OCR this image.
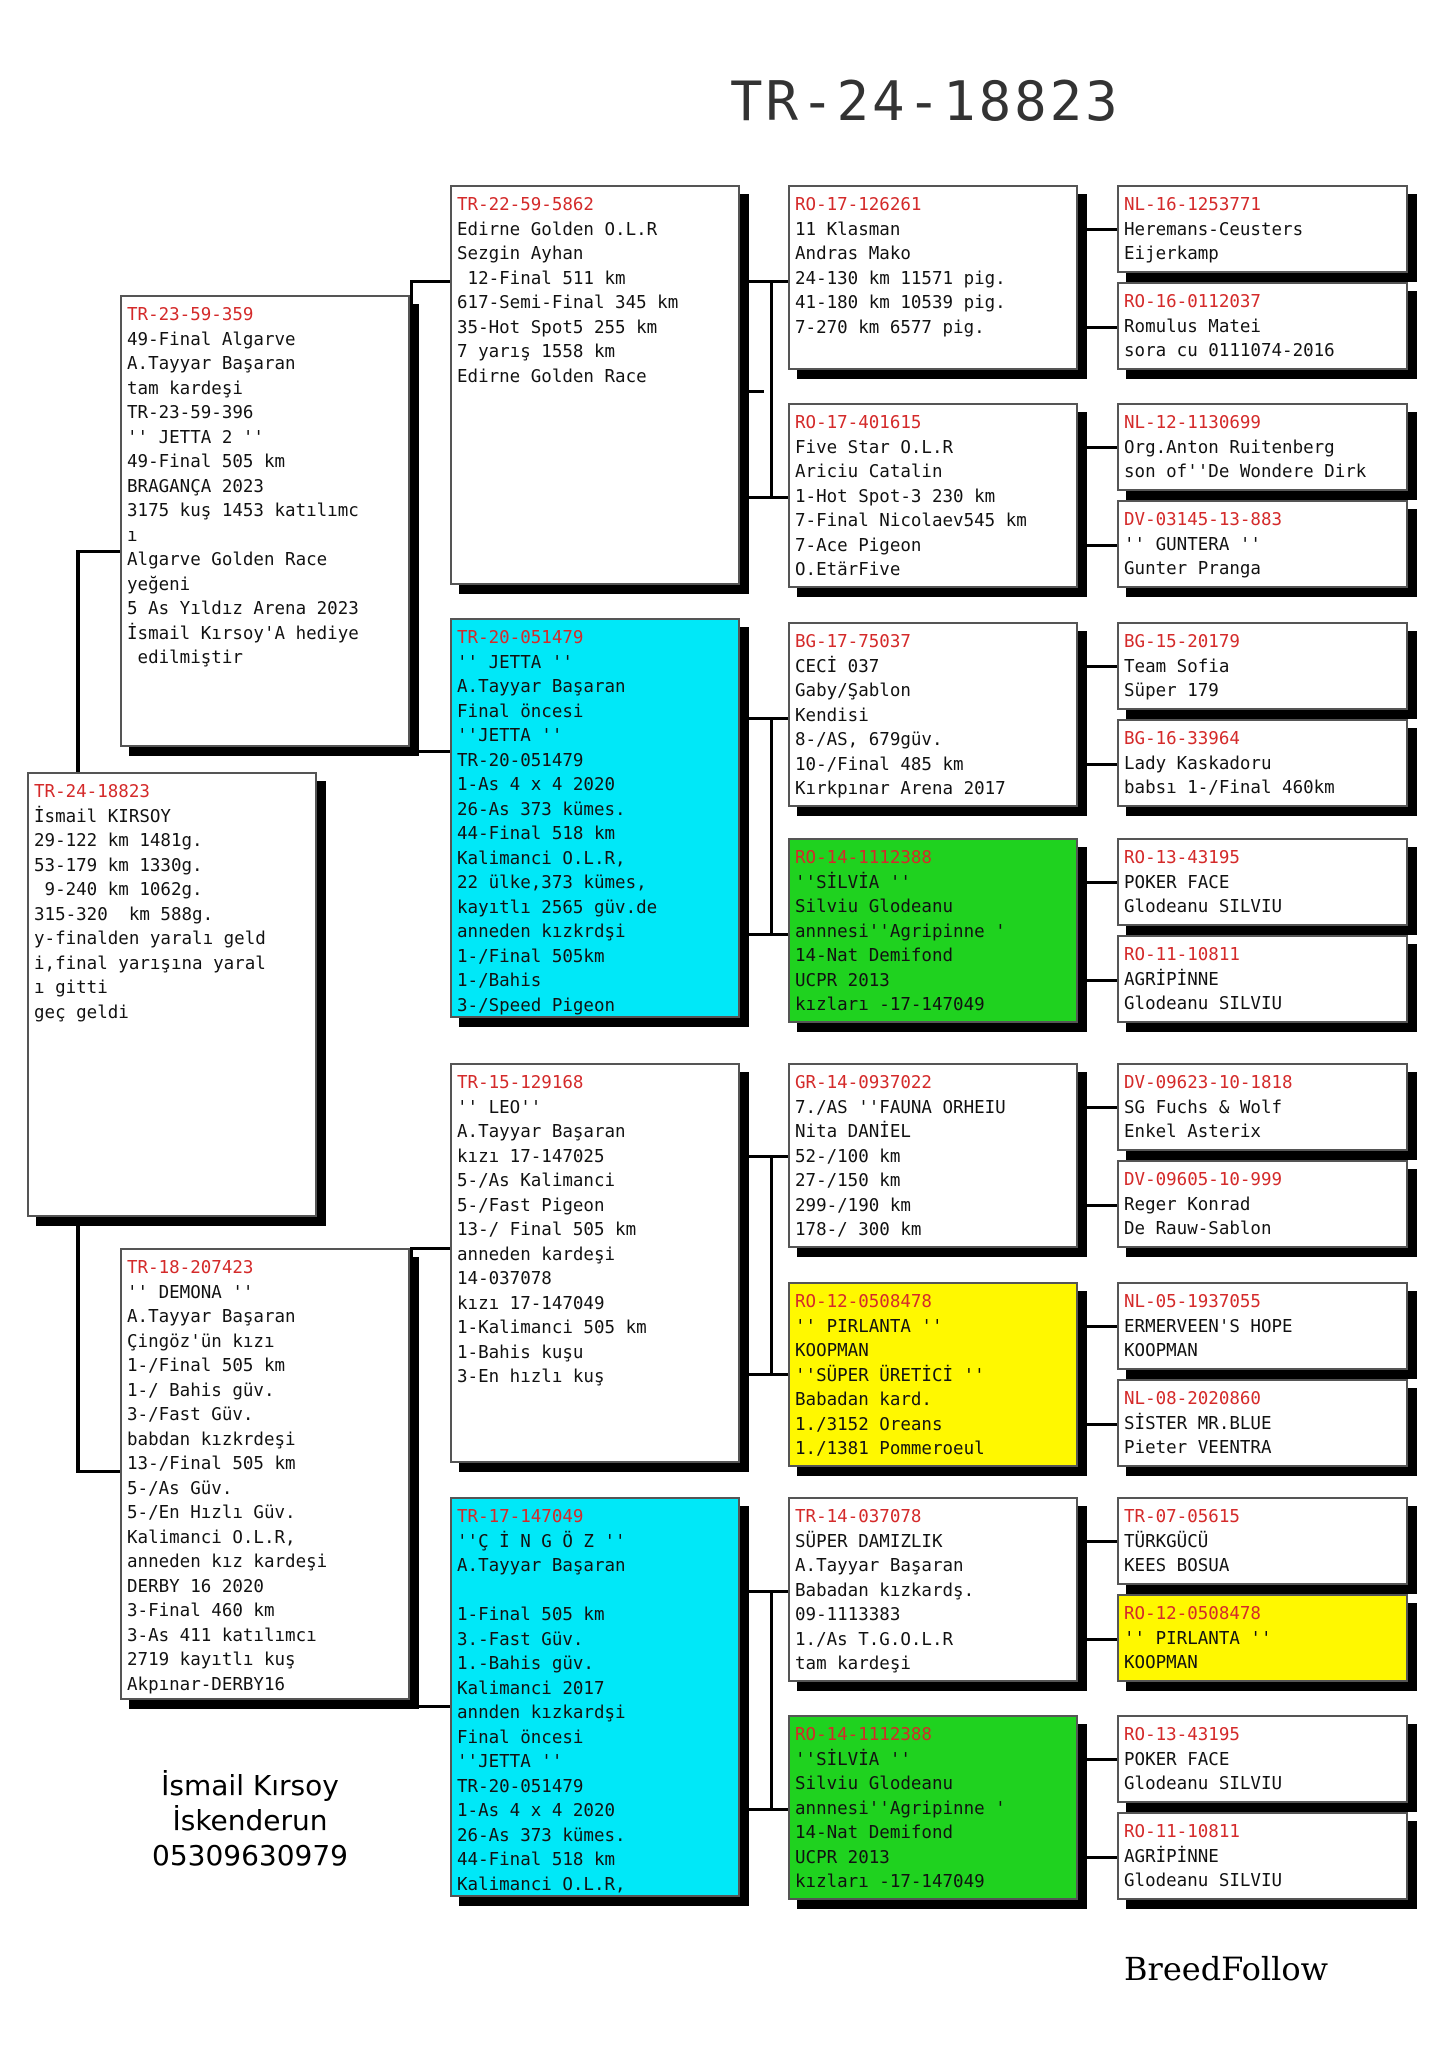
TR-24-18823
TR-24-18823
İsmail KIRSOY
29-122 km 1481g.
53-179 km 1330g.
9-240 km 1062g.
315-320  km 588g.
y-finalden yaralı geld
i,final yarışına yaral
ı gitti
geç geldi
TR-23-59-359
49-Final Algarve
A.Tayyar Başaran
tam kardeşi
TR-23-59-396
'' JETTA 2 ''
49-Final 505 km
BRAGANÇA 2023
3175 kuş 1453 katılımc
ı
Algarve Golden Race
yeğeni
5 As Yıldız Arena 2023
İsmail Kırsoy'A hediye
edilmiştir
TR-18-207423
'' DEMONA ''
A.Tayyar Başaran
Çingöz'ün kızı
1-/Final 505 km
1-/ Bahis güv.
3-/Fast Güv.
babdan kızkrdeşi
13-/Final 505 km
5-/As Güv.
5-/En Hızlı Güv.
Kalimanci O.L.R,
anneden kız kardeşi
DERBY 16 2020
3-Final 460 km
3-As 411 katılımcı
2719 kayıtlı kuş
Akpınar-DERBY16
TR-22-59-5862
Edirne Golden O.L.R
Sezgin Ayhan
12-Final 511 km
617-Semi-Final 345 km
35-Hot Spot5 255 km
7 yarış 1558 km
Edirne Golden Race
TR-20-051479
'' JETTA ''
A.Tayyar Başaran
Final öncesi
''JETTA ''
TR-20-051479
1-As 4 x 4 2020
26-As 373 kümes.
44-Final 518 km
Kalimanci O.L.R,
22 ülke,373 kümes,
kayıtlı 2565 güv.de
anneden kızkrdşi
1-/Final 505km
1-/Bahis
3-/Speed Pigeon
TR-15-129168
'' LEO''
A.Tayyar Başaran
kızı 17-147025
5-/As Kalimanci
5-/Fast Pigeon
13-/ Final 505 km
anneden kardeşi
14-037078
kızı 17-147049
1-Kalimanci 505 km
1-Bahis kuşu
3-En hızlı kuş
TR-17-147049
''Ç İ N G Ö Z ''
A.Tayyar Başaran

1-Final 505 km
3.-Fast Güv.
1.-Bahis güv.
Kalimanci 2017
annden kızkardşi
Final öncesi
''JETTA ''
TR-20-051479
1-As 4 x 4 2020
26-As 373 kümes.
44-Final 518 km
Kalimanci O.L.R,
RO-17-126261
11 Klasman
Andras Mako
24-130 km 11571 pig.
41-180 km 10539 pig.
7-270 km 6577 pig.
RO-17-401615
Five Star O.L.R
Ariciu Catalin
1-Hot Spot-3 230 km
7-Final Nicolaev545 km
7-Ace Pigeon
O.EtärFive
BG-17-75037
CECİ 037
Gaby/Şablon
Kendisi
8-/AS, 679güv.
10-/Final 485 km
Kırkpınar Arena 2017
RO-14-1112388
''SİLVİA ''
Silviu Glodeanu
annnesi''Agripinne '
14-Nat Demifond
UCPR 2013
kızları -17-147049
GR-14-0937022
7./AS ''FAUNA ORHEIU
Nita DANİEL
52-/100 km
27-/150 km
299-/190 km
178-/ 300 km
RO-12-0508478
'' PIRLANTA ''
KOOPMAN
''SÜPER ÜRETİCİ ''
Babadan kard.
1./3152 Oreans
1./1381 Pommeroeul
TR-14-037078
SÜPER DAMIZLIK
A.Tayyar Başaran
Babadan kızkardş.
09-1113383
1./As T.G.O.L.R
tam kardeşi
RO-14-1112388
''SİLVİA ''
Silviu Glodeanu
annnesi''Agripinne '
14-Nat Demifond
UCPR 2013
kızları -17-147049
NL-16-1253771
Heremans-Ceusters
Eijerkamp
RO-16-0112037
Romulus Matei
sora cu 0111074-2016
NL-12-1130699
Org.Anton Ruitenberg
son of''De Wondere Dirk
DV-03145-13-883
'' GUNTERA ''
Gunter Pranga
BG-15-20179
Team Sofia
Süper 179
BG-16-33964
Lady Kaskadoru
babsı 1-/Final 460km
RO-13-43195
POKER FACE
Glodeanu SILVIU
RO-11-10811
AGRİPİNNE
Glodeanu SILVIU
DV-09623-10-1818
SG Fuchs & Wolf
Enkel Asterix
DV-09605-10-999
Reger Konrad
De Rauw-Sablon
NL-05-1937055
ERMERVEEN'S HOPE
KOOPMAN
NL-08-2020860
SİSTER MR.BLUE
Pieter VEENTRA
TR-07-05615
TÜRKGÜCÜ
KEES BOSUA
RO-12-0508478
'' PIRLANTA ''
KOOPMAN
RO-13-43195
POKER FACE
Glodeanu SILVIU
RO-11-10811
AGRİPİNNE
Glodeanu SILVIU
İsmail Kırsoy
İskenderun
05309630979
BreedFollow
